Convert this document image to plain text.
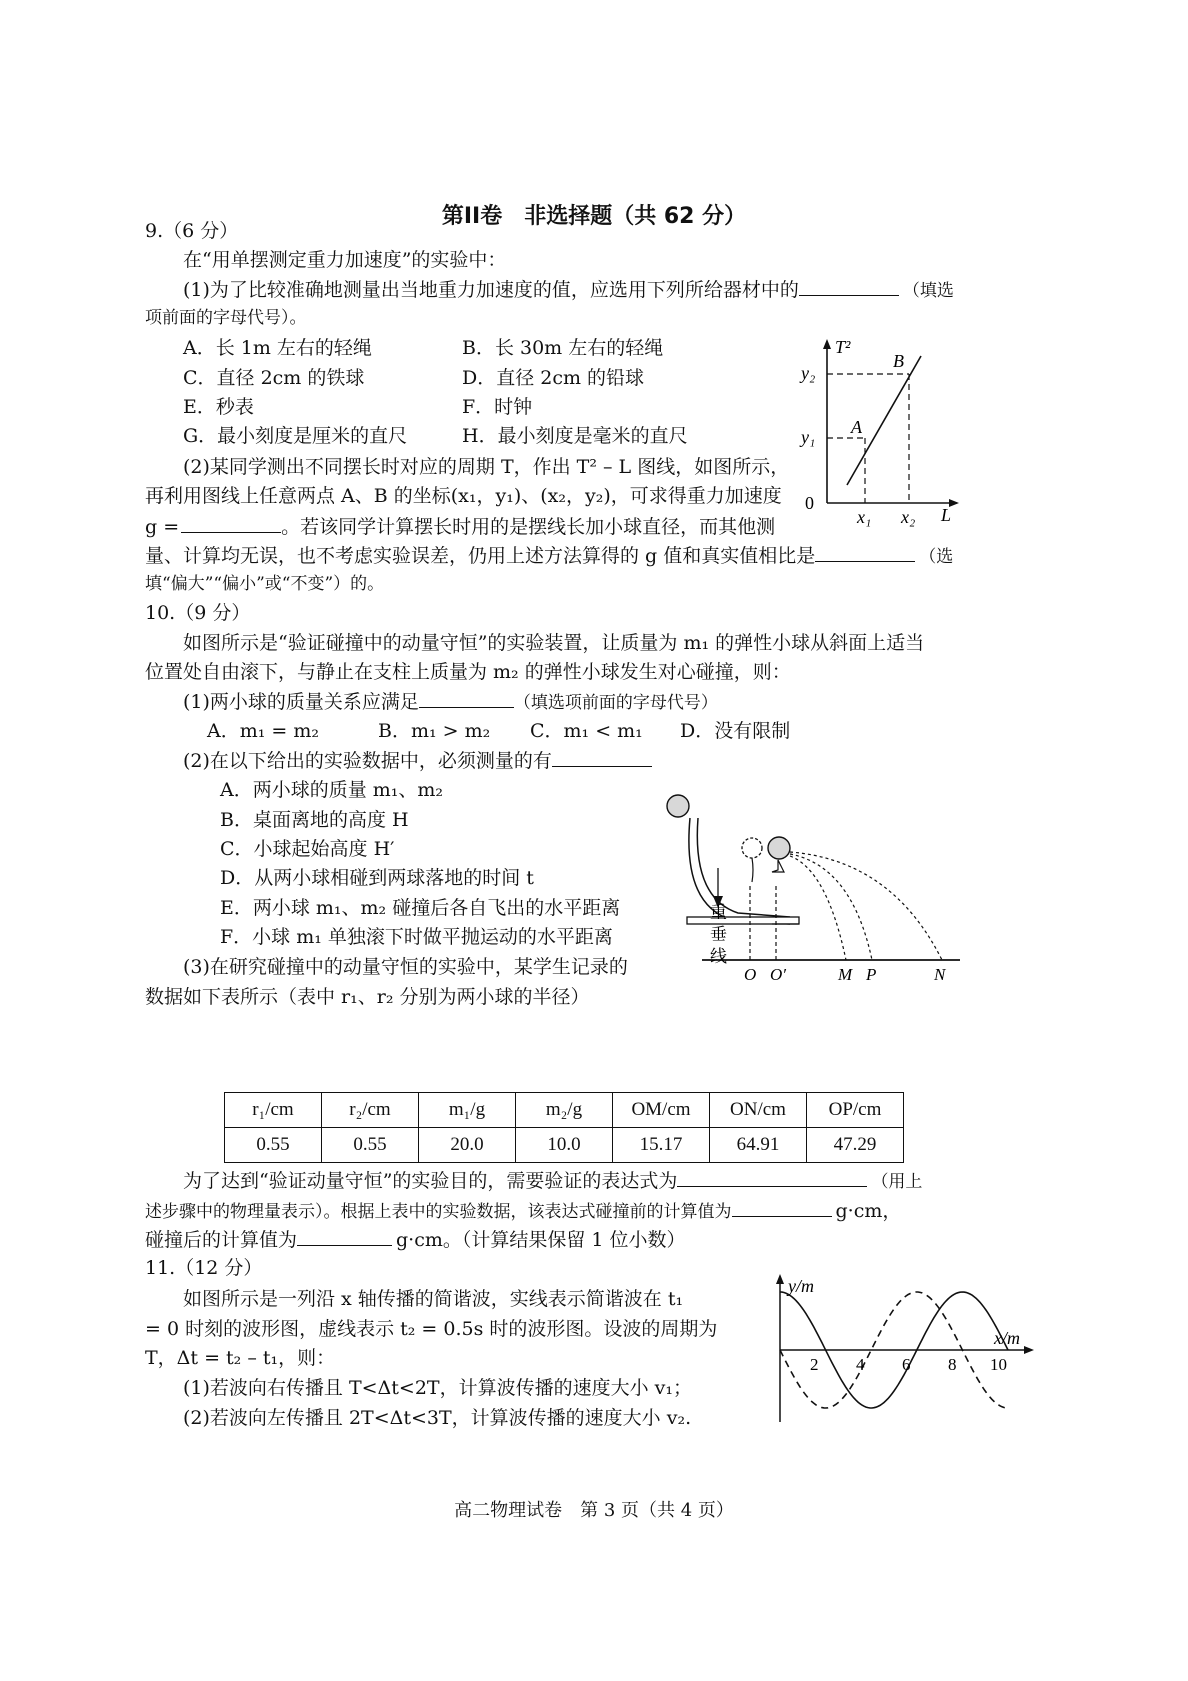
第II卷　非选择题（共 62 分）
9.（6 分）
在“用单摆测定重力加速度”的实验中：
(1)为了比较准确地测量出当地重力加速度的值，应选用下列所给器材中的	（填选
项前面的字母代号）。
A．长 1m 左右的轻绳	B．长 30m 左右的轻绳
C．直径 2cm 的铁球	D．直径 2cm 的铅球
E．秒表	F．时钟
G．最小刻度是厘米的直尺	H．最小刻度是毫米的直尺
(2)某同学测出不同摆长时对应的周期 T，作出 T² – L 图线，如图所示，
再利用图线上任意两点 A、B 的坐标(x₁，y₁)、(x₂，y₂)，可求得重力加速度
g =	。若该同学计算摆长时用的是摆线长加小球直径，而其他测
量、计算均无误，也不考虑实验误差，仍用上述方法算得的 g 值和真实值相比是	（选
填“偏大”“偏小”或“不变”）的。
T²
L
0
A
B
y₂
y₁
x₁ x₂
10.（9 分）
如图所示是“验证碰撞中的动量守恒”的实验装置，让质量为 m₁ 的弹性小球从斜面上适当
位置处自由滚下，与静止在支柱上质量为 m₂ 的弹性小球发生对心碰撞，则：
(1)两小球的质量关系应满足	（填选项前面的字母代号）
A．m₁ = m₂	B．m₁ > m₂ C．m₁ < m₁ D．没有限制
(2)在以下给出的实验数据中，必须测量的有
A．两小球的质量 m₁、m₂
B．桌面离地的高度 H
C．小球起始高度 H′
D．从两小球相碰到两球落地的时间 t
E．两小球 m₁、m₂ 碰撞后各自飞出的水平距离
F．小球 m₁ 单独滚下时做平抛运动的水平距离
(3)在研究碰撞中的动量守恒的实验中，某学生记录的
数据如下表所示（表中 r₁、r₂ 分别为两小球的半径）
重
垂
线
O O′	M P	N
r₁/cm	r₂/cm	m₁/g	m₂/g	OM/cm	ON/cm	OP/cm
0.55	0.55	20.0	10.0	15.17	64.91	47.29
为了达到“验证动量守恒”的实验目的，需要验证的表达式为	（用上
述步骤中的物理量表示）。根据上表中的实验数据，该表达式碰撞前的计算值为	g·cm，
碰撞后的计算值为	g·cm。（计算结果保留 1 位小数）
11.（12 分）
如图所示是一列沿 x 轴传播的简谐波，实线表示简谐波在 t₁
= 0 时刻的波形图，虚线表示 t₂ = 0.5s 时的波形图。设波的周期为
T，Δt = t₂ – t₁，则：
(1)若波向右传播且 T<Δt<2T，计算波传播的速度大小 v₁；
(2)若波向左传播且 2T<Δt<3T，计算波传播的速度大小 v₂.
y/m
x/m
2 4 6 8 10
高二物理试卷　第 3 页（共 4 页）
